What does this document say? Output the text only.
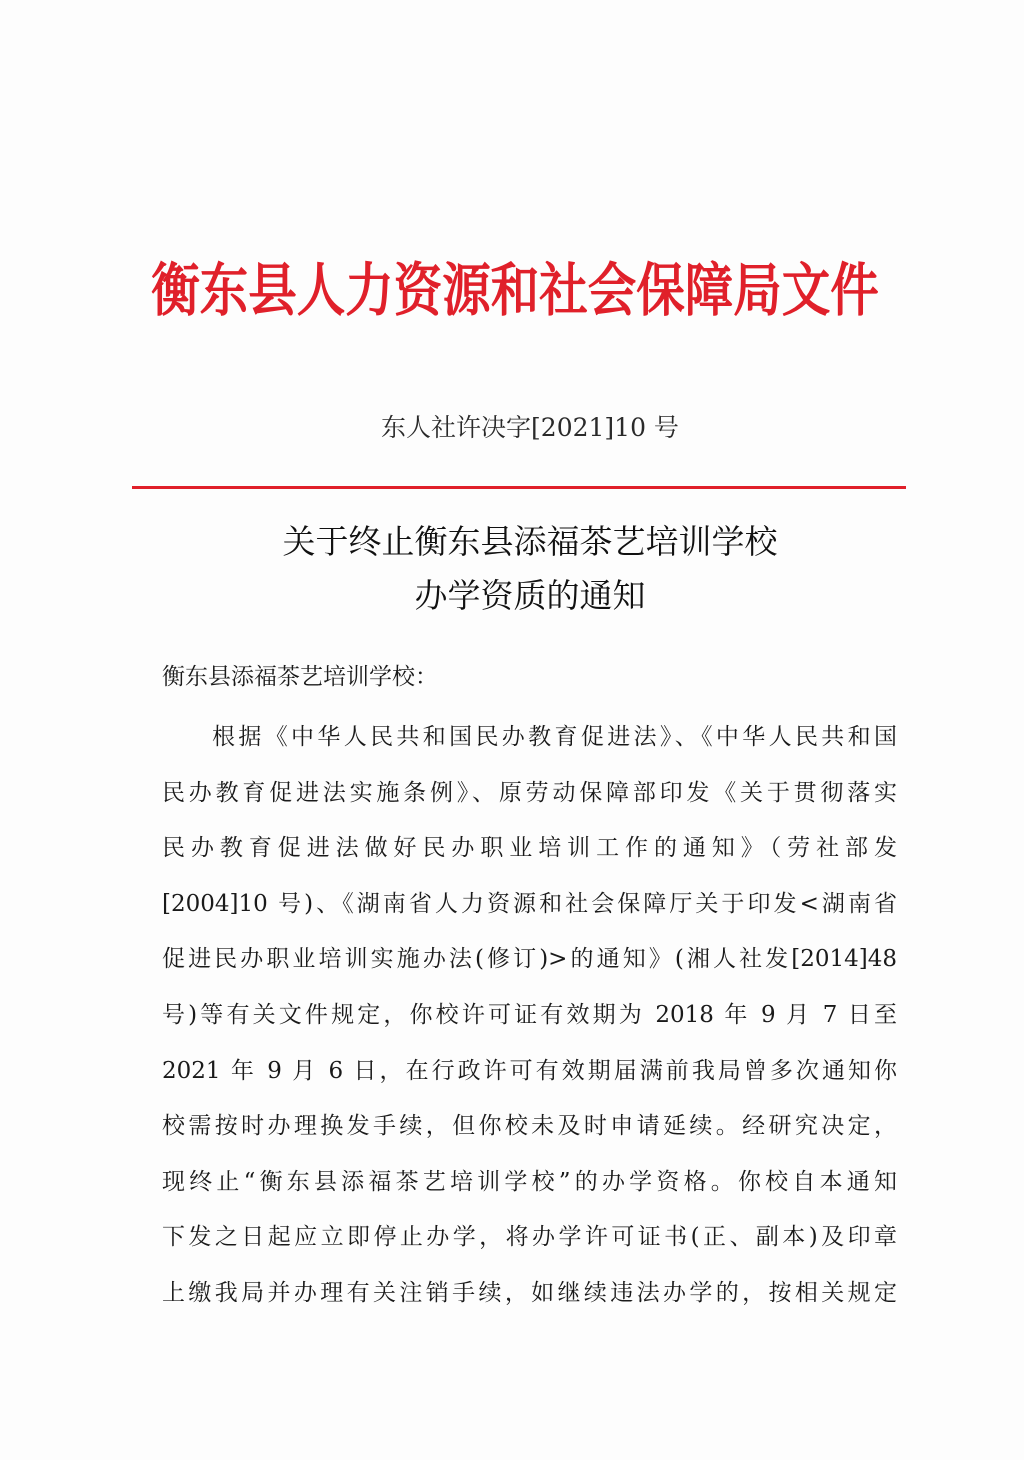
衡东县人力资源和社会保障局文件
东人社许决字[2021]10 号
关于终止衡东县添福茶艺培训学校
办学资质的通知
衡东县添福茶艺培训学校：
根据《中华人民共和国民办教育促进法》、《中华人民共和国
民办教育促进法实施条例》、原劳动保障部印发《关于贯彻落实
民办教育促进法做好民办职业培训工作的通知》（劳社部发
[2004]10 号)、《湖南省人力资源和社会保障厅关于印发<湖南省
促进民办职业培训实施办法(修订)>的通知》(湘人社发[2014]48
号)等有关文件规定，你校许可证有效期为 2018 年 9 月 7 日至
2021 年 9 月 6 日，在行政许可有效期届满前我局曾多次通知你
校需按时办理换发手续，但你校未及时申请延续。经研究决定，
现终止“衡东县添福茶艺培训学校”的办学资格。你校自本通知
下发之日起应立即停止办学，将办学许可证书(正、副本)及印章
上缴我局并办理有关注销手续，如继续违法办学的，按相关规定
